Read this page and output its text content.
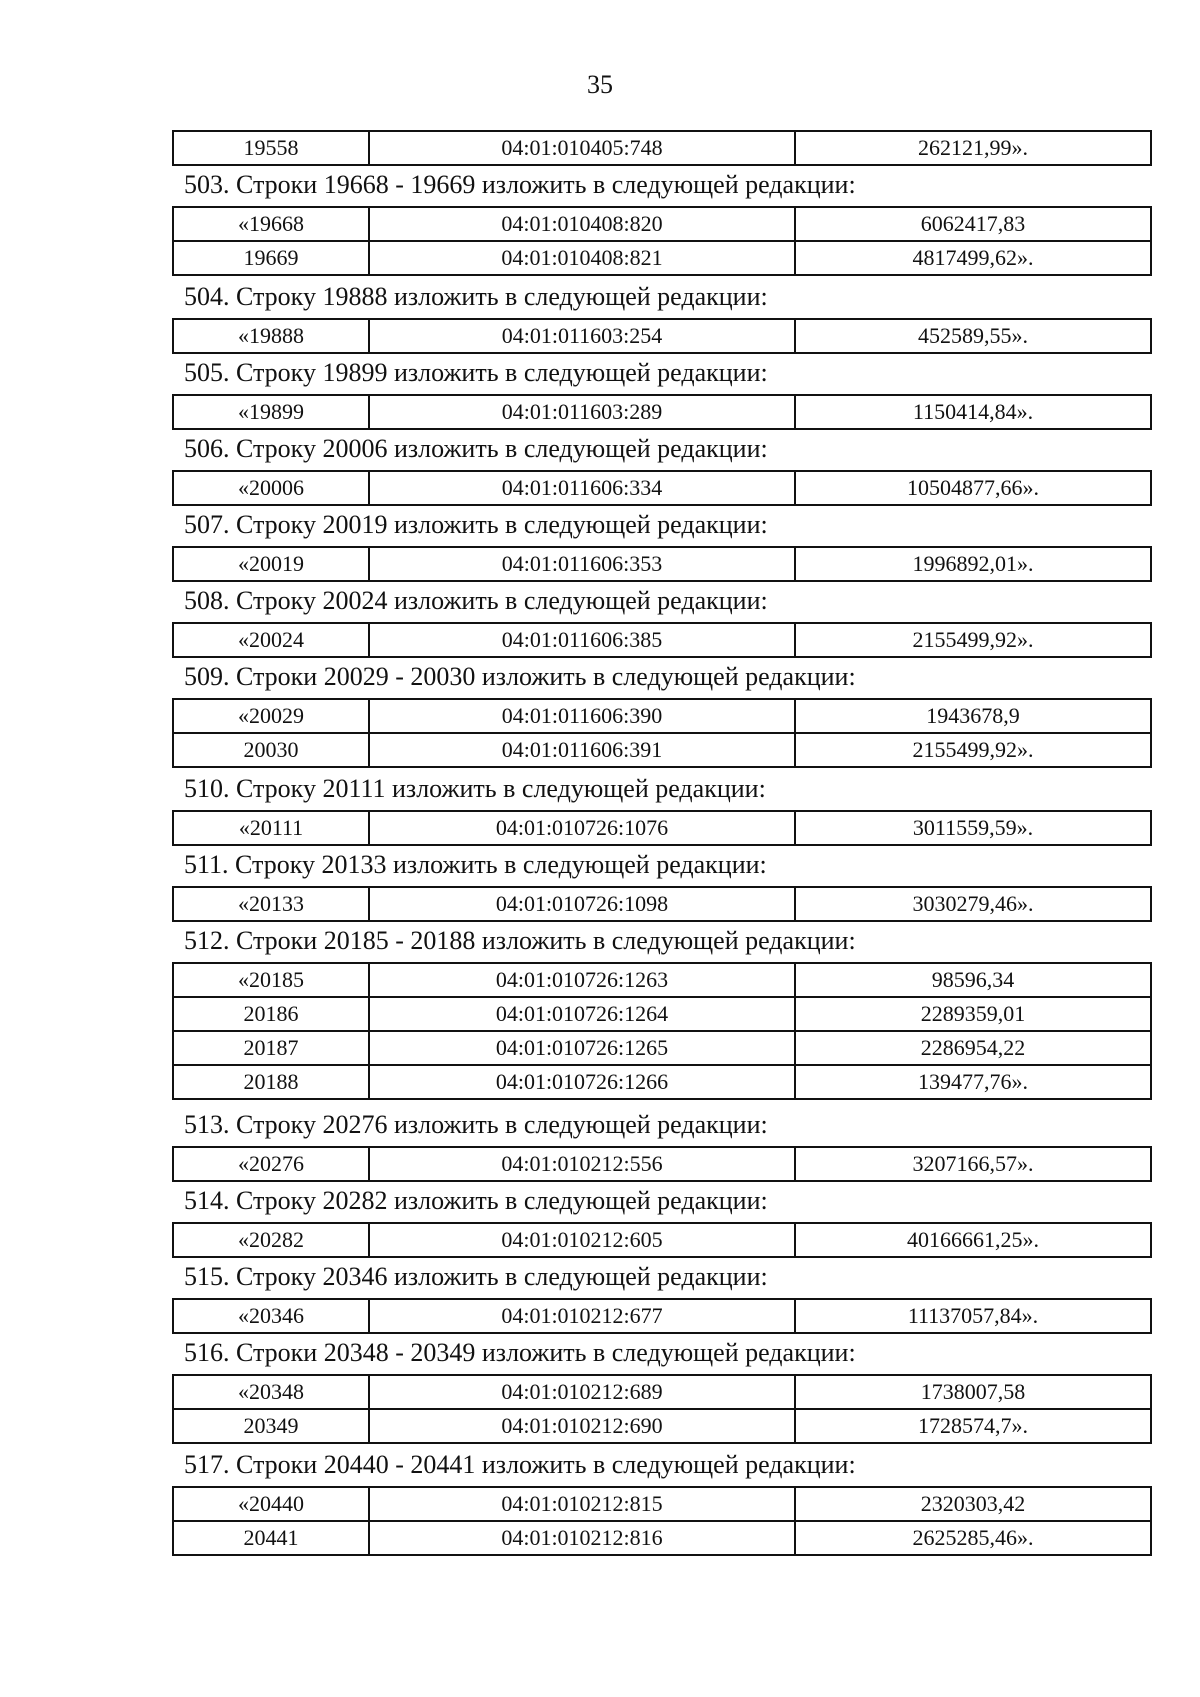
35
19558	04:01:010405:748	262121,99».
503. Строки 19668 - 19669 изложить в следующей редакции:
«19668	04:01:010408:820	6062417,83
19669	04:01:010408:821	4817499,62».
504. Строку 19888 изложить в следующей редакции:
«19888	04:01:011603:254	452589,55».
505. Строку 19899 изложить в следующей редакции:
«19899	04:01:011603:289	1150414,84».
506. Строку 20006 изложить в следующей редакции:
«20006	04:01:011606:334	10504877,66».
507. Строку 20019 изложить в следующей редакции:
«20019	04:01:011606:353	1996892,01».
508. Строку 20024 изложить в следующей редакции:
«20024	04:01:011606:385	2155499,92».
509. Строки 20029 - 20030 изложить в следующей редакции:
«20029	04:01:011606:390	1943678,9
20030	04:01:011606:391	2155499,92».
510. Строку 20111 изложить в следующей редакции:
«20111	04:01:010726:1076	3011559,59».
511. Строку 20133 изложить в следующей редакции:
«20133	04:01:010726:1098	3030279,46».
512. Строки 20185 - 20188 изложить в следующей редакции:
«20185	04:01:010726:1263	98596,34
20186	04:01:010726:1264	2289359,01
20187	04:01:010726:1265	2286954,22
20188	04:01:010726:1266	139477,76».
513. Строку 20276 изложить в следующей редакции:
«20276	04:01:010212:556	3207166,57».
514. Строку 20282 изложить в следующей редакции:
«20282	04:01:010212:605	40166661,25».
515. Строку 20346 изложить в следующей редакции:
«20346	04:01:010212:677	11137057,84».
516. Строки 20348 - 20349 изложить в следующей редакции:
«20348	04:01:010212:689	1738007,58
20349	04:01:010212:690	1728574,7».
517. Строки 20440 - 20441 изложить в следующей редакции:
«20440	04:01:010212:815	2320303,42
20441	04:01:010212:816	2625285,46».
